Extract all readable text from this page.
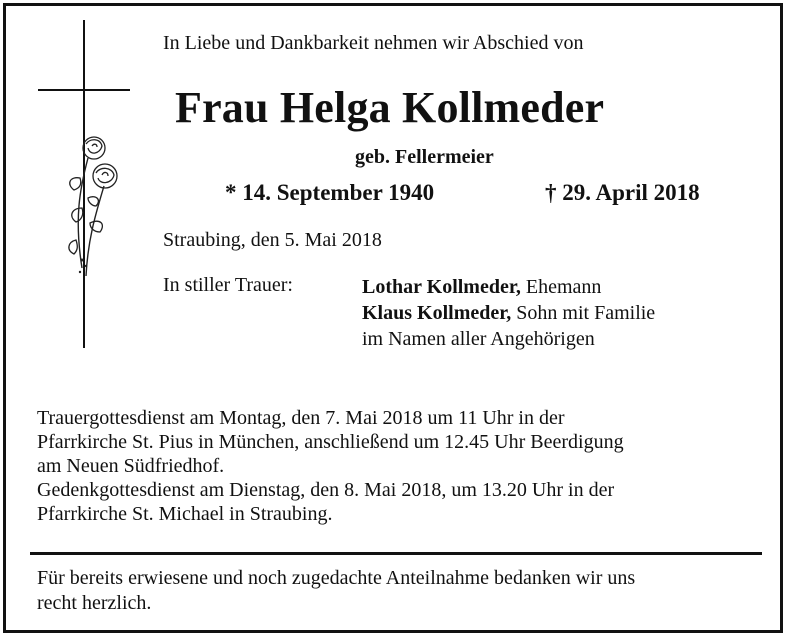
In Liebe und Dankbarkeit nehmen wir Abschied von
Frau Helga Kollmeder
geb. Fellermeier
* 14. September 1940	† 29. April 2018
Straubing, den 5. Mai 2018
In stiller Trauer:	Lothar Kollmeder, Ehemann
Klaus Kollmeder, Sohn mit Familie
im Namen aller Angehörigen
Trauergottesdienst am Montag, den 7. Mai 2018 um 11 Uhr in der
Pfarrkirche St. Pius in München, anschließend um 12.45 Uhr Beerdigung
am Neuen Südfriedhof.
Gedenkgottesdienst am Dienstag, den 8. Mai 2018, um 13.20 Uhr in der
Pfarrkirche St. Michael in Straubing.
Für bereits erwiesene und noch zugedachte Anteilnahme bedanken wir uns
recht herzlich.
